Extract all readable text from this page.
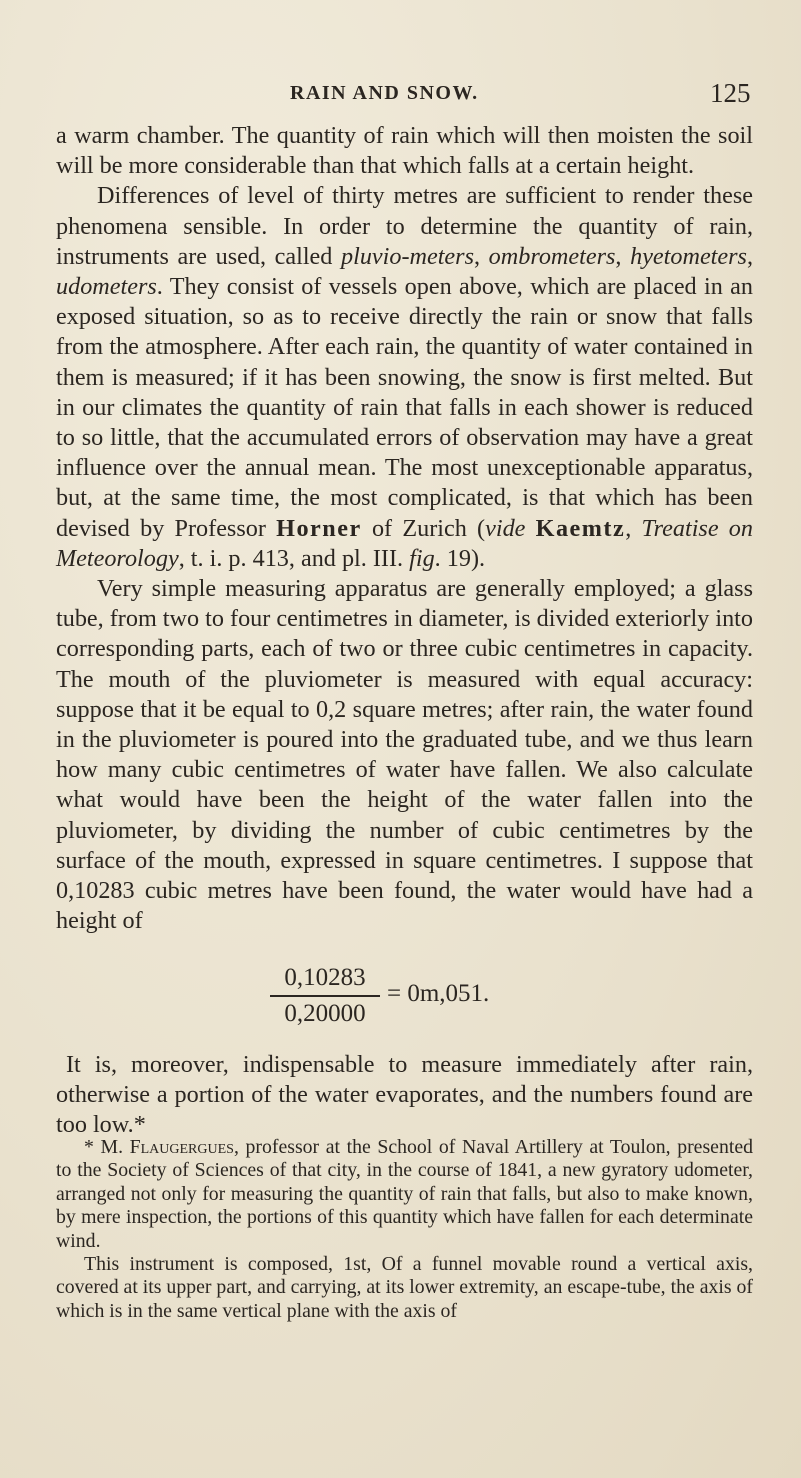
RAIN AND SNOW.	125

a warm chamber. The quantity of rain which will then moisten the soil will be more considerable than that which falls at a certain height.

Differences of level of thirty metres are sufficient to render these phenomena sensible. In order to determine the quantity of rain, instruments are used, called pluvio-meters, ombrometers, hyetometers, udometers. They consist of vessels open above, which are placed in an exposed situation, so as to receive directly the rain or snow that falls from the atmosphere. After each rain, the quantity of water contained in them is measured; if it has been snowing, the snow is first melted. But in our climates the quantity of rain that falls in each shower is reduced to so little, that the accumulated errors of observation may have a great influence over the annual mean. The most unexceptionable apparatus, but, at the same time, the most complicated, is that which has been devised by Professor Horner of Zurich (vide Kaemtz, Treatise on Meteorology, t. i. p. 413, and pl. III. fig. 19).

Very simple measuring apparatus are generally employed; a glass tube, from two to four centimetres in diameter, is divided exteriorly into corresponding parts, each of two or three cubic centimetres in capacity. The mouth of the pluviometer is measured with equal accuracy: suppose that it be equal to 0,2 square metres; after rain, the water found in the pluviometer is poured into the graduated tube, and we thus learn how many cubic centimetres of water have fallen. We also calculate what would have been the height of the water fallen into the pluviometer, by dividing the number of cubic centimetres by the surface of the mouth, expressed in square centimetres. I suppose that 0,10283 cubic metres have been found, the water would have had a height of

0,10283
0,20000
= 0m,051.

It is, moreover, indispensable to measure immediately after rain, otherwise a portion of the water evaporates, and the numbers found are too low.*

* M. Flaugergues, professor at the School of Naval Artillery at Toulon, presented to the Society of Sciences of that city, in the course of 1841, a new gyratory udometer, arranged not only for measuring the quantity of rain that falls, but also to make known, by mere inspection, the portions of this quantity which have fallen for each determinate wind.

This instrument is composed, 1st, Of a funnel movable round a vertical axis, covered at its upper part, and carrying, at its lower extremity, an escape-tube, the axis of which is in the same vertical plane with the axis of
